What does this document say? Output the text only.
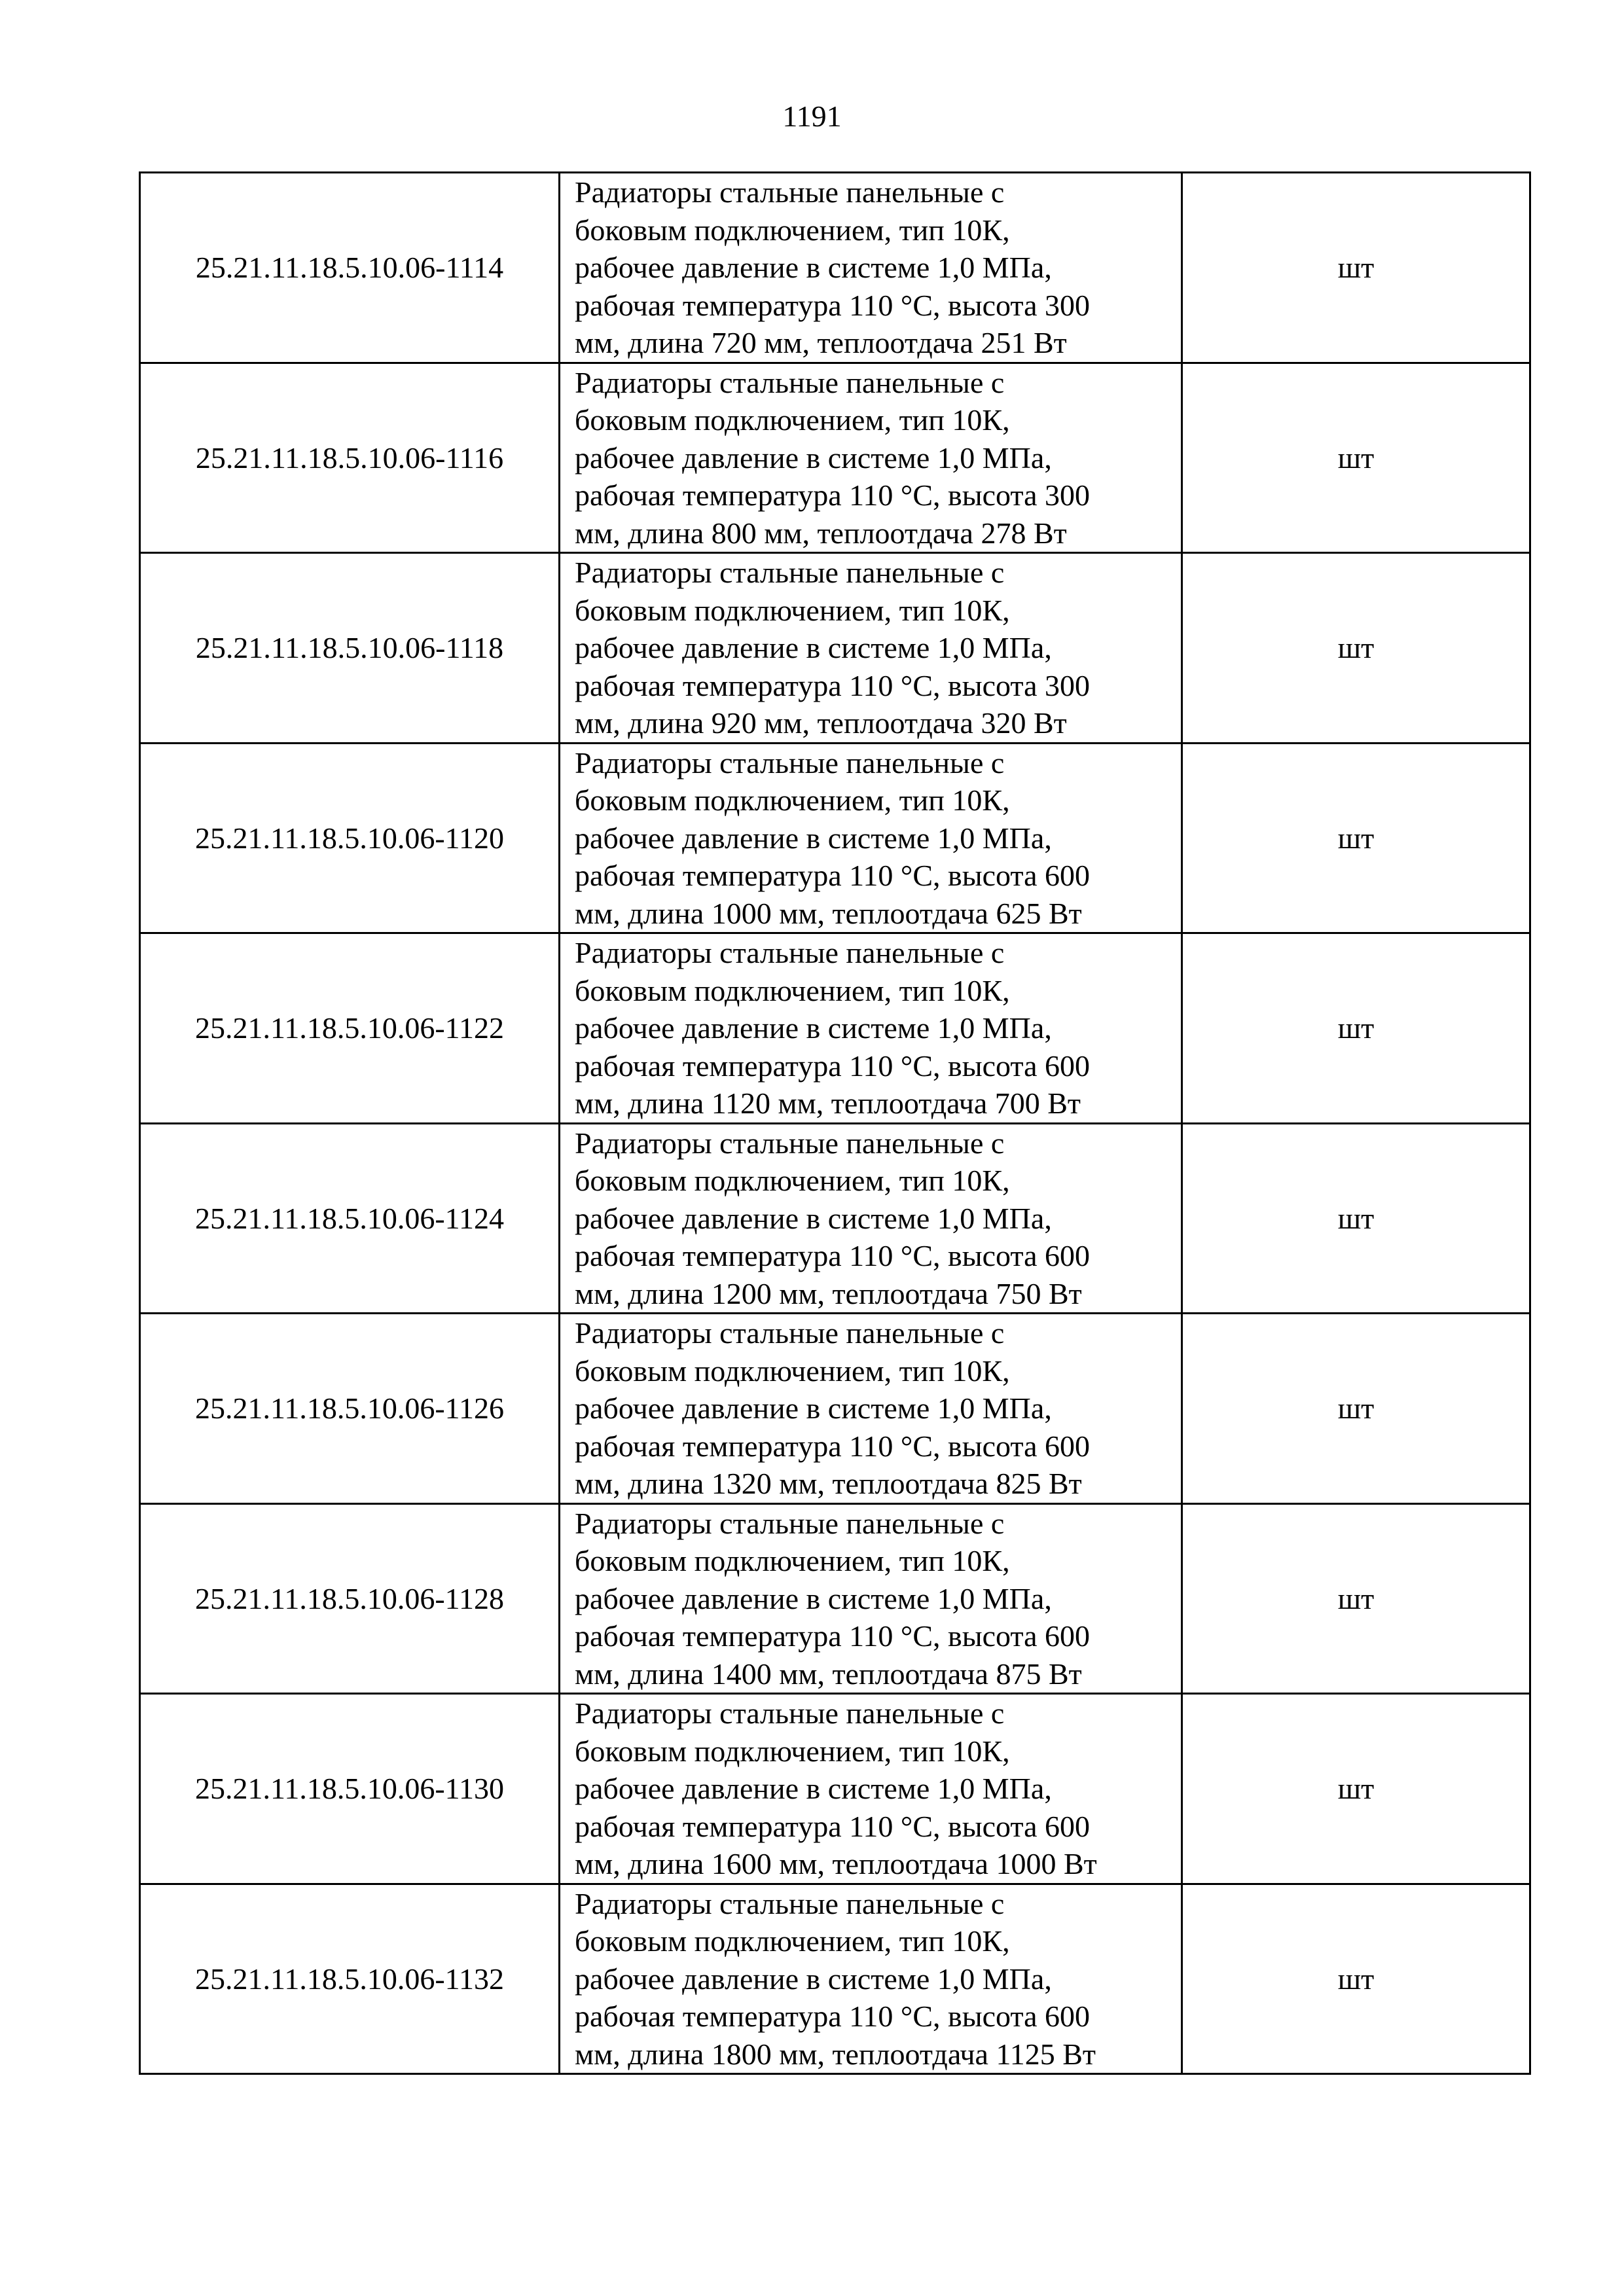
1191
25.21.11.18.5.10.06-1114	Радиаторы стальные панельные с
боковым подключением, тип 10К,
рабочее давление в системе 1,0 МПа,
рабочая температура 110 °С, высота 300
мм, длина 720 мм, теплоотдача 251 Вт	шт
25.21.11.18.5.10.06-1116	Радиаторы стальные панельные с
боковым подключением, тип 10К,
рабочее давление в системе 1,0 МПа,
рабочая температура 110 °С, высота 300
мм, длина 800 мм, теплоотдача 278 Вт	шт
25.21.11.18.5.10.06-1118	Радиаторы стальные панельные с
боковым подключением, тип 10К,
рабочее давление в системе 1,0 МПа,
рабочая температура 110 °С, высота 300
мм, длина 920 мм, теплоотдача 320 Вт	шт
25.21.11.18.5.10.06-1120	Радиаторы стальные панельные с
боковым подключением, тип 10К,
рабочее давление в системе 1,0 МПа,
рабочая температура 110 °С, высота 600
мм, длина 1000 мм, теплоотдача 625 Вт	шт
25.21.11.18.5.10.06-1122	Радиаторы стальные панельные с
боковым подключением, тип 10К,
рабочее давление в системе 1,0 МПа,
рабочая температура 110 °С, высота 600
мм, длина 1120 мм, теплоотдача 700 Вт	шт
25.21.11.18.5.10.06-1124	Радиаторы стальные панельные с
боковым подключением, тип 10К,
рабочее давление в системе 1,0 МПа,
рабочая температура 110 °С, высота 600
мм, длина 1200 мм, теплоотдача 750 Вт	шт
25.21.11.18.5.10.06-1126	Радиаторы стальные панельные с
боковым подключением, тип 10К,
рабочее давление в системе 1,0 МПа,
рабочая температура 110 °С, высота 600
мм, длина 1320 мм, теплоотдача 825 Вт	шт
25.21.11.18.5.10.06-1128	Радиаторы стальные панельные с
боковым подключением, тип 10К,
рабочее давление в системе 1,0 МПа,
рабочая температура 110 °С, высота 600
мм, длина 1400 мм, теплоотдача 875 Вт	шт
25.21.11.18.5.10.06-1130	Радиаторы стальные панельные с
боковым подключением, тип 10К,
рабочее давление в системе 1,0 МПа,
рабочая температура 110 °С, высота 600
мм, длина 1600 мм, теплоотдача 1000 Вт	шт
25.21.11.18.5.10.06-1132	Радиаторы стальные панельные с
боковым подключением, тип 10К,
рабочее давление в системе 1,0 МПа,
рабочая температура 110 °С, высота 600
мм, длина 1800 мм, теплоотдача 1125 Вт	шт
